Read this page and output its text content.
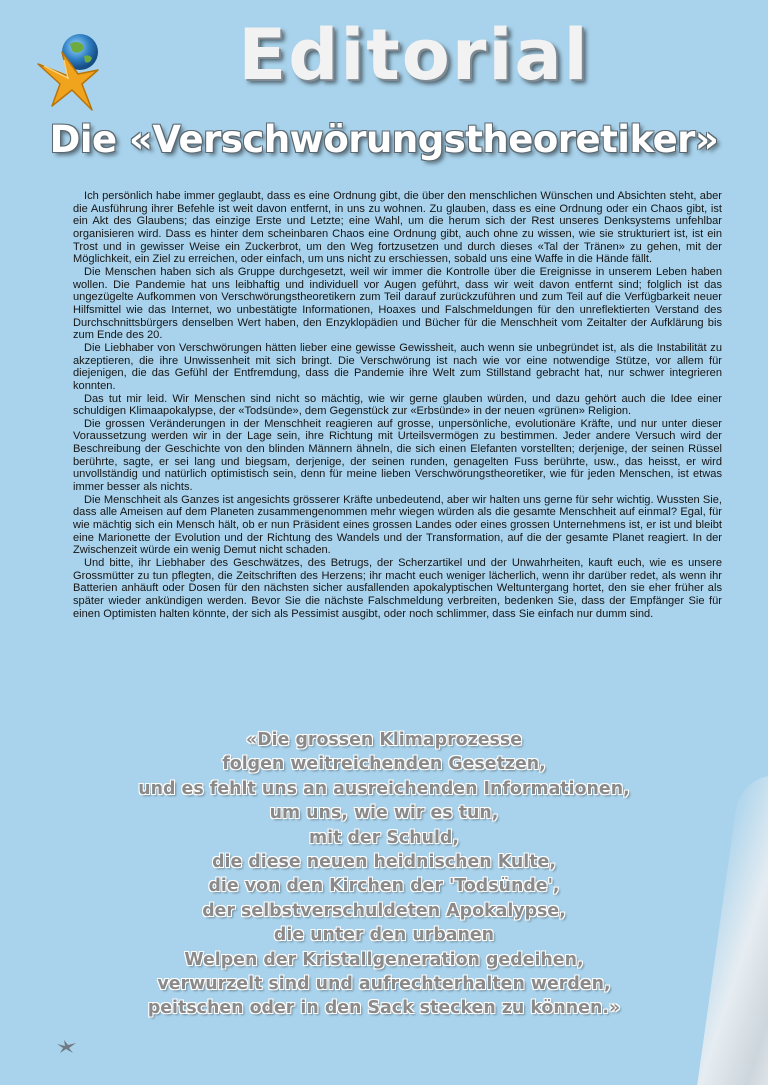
Editorial
Die «Verschwörungstheoretiker»

Ich persönlich habe immer geglaubt, dass es eine Ordnung gibt, die über den menschlichen Wünschen und Absichten steht, aber die Ausführung ihrer Befehle ist weit davon entfernt, in uns zu wohnen. Zu glauben, dass es eine Ordnung oder ein Chaos gibt, ist ein Akt des Glaubens; das einzige Erste und Letzte; eine Wahl, um die herum sich der Rest unseres Denksystems unfehlbar organisieren wird. Dass es hinter dem scheinbaren Chaos eine Ordnung gibt, auch ohne zu wissen, wie sie strukturiert ist, ist ein Trost und in gewisser Weise ein Zuckerbrot, um den Weg fortzusetzen und durch dieses «Tal der Tränen» zu gehen, mit der Möglichkeit, ein Ziel zu erreichen, oder einfach, um uns nicht zu erschiessen, sobald uns eine Waffe in die Hände fällt.

Die Menschen haben sich als Gruppe durchgesetzt, weil wir immer die Kontrolle über die Ereignisse in unserem Leben haben wollen. Die Pandemie hat uns leibhaftig und individuell vor Augen geführt, dass wir weit davon entfernt sind; folglich ist das ungezügelte Aufkommen von Verschwörungstheoretikern zum Teil darauf zurückzuführen und zum Teil auf die Verfügbarkeit neuer Hilfsmittel wie das Internet, wo unbestätigte Informationen, Hoaxes und Falschmeldungen für den unreflektierten Verstand des Durchschnittsbürgers denselben Wert haben, den Enzyklopädien und Bücher für die Menschheit vom Zeitalter der Aufklärung bis zum Ende des 20.

Die Liebhaber von Verschwörungen hätten lieber eine gewisse Gewissheit, auch wenn sie unbegründet ist, als die Instabilität zu akzeptieren, die ihre Unwissenheit mit sich bringt. Die Verschwörung ist nach wie vor eine notwendige Stütze, vor allem für diejenigen, die das Gefühl der Entfremdung, dass die Pandemie ihre Welt zum Stillstand gebracht hat, nur schwer integrieren konnten.

Das tut mir leid. Wir Menschen sind nicht so mächtig, wie wir gerne glauben würden, und dazu gehört auch die Idee einer schuldigen Klimaapokalypse, der «Todsünde», dem Gegenstück zur «Erbsünde» in der neuen «grünen» Religion.

Die grossen Veränderungen in der Menschheit reagieren auf grosse, unpersönliche, evolutionäre Kräfte, und nur unter dieser Voraussetzung werden wir in der Lage sein, ihre Richtung mit Urteilsvermögen zu bestimmen. Jeder andere Versuch wird der Beschreibung der Geschichte von den blinden Männern ähneln, die sich einen Elefanten vorstellten; derjenige, der seinen Rüssel berührte, sagte, er sei lang und biegsam, derjenige, der seinen runden, genagelten Fuss berührte, usw., das heisst, er wird unvollständig und natürlich optimistisch sein, denn für meine lieben Verschwörungstheoretiker, wie für jeden Menschen, ist etwas immer besser als nichts.

Die Menschheit als Ganzes ist angesichts grösserer Kräfte unbedeutend, aber wir halten uns gerne für sehr wichtig. Wussten Sie, dass alle Ameisen auf dem Planeten zusammengenommen mehr wiegen würden als die gesamte Menschheit auf einmal? Egal, für wie mächtig sich ein Mensch hält, ob er nun Präsident eines grossen Landes oder eines grossen Unternehmens ist, er ist und bleibt eine Marionette der Evolution und der Richtung des Wandels und der Transformation, auf die der gesamte Planet reagiert. In der Zwischenzeit würde ein wenig Demut nicht schaden.

Und bitte, ihr Liebhaber des Geschwätzes, des Betrugs, der Scherzartikel und der Unwahrheiten, kauft euch, wie es unsere Grossmütter zu tun pflegten, die Zeitschriften des Herzens; ihr macht euch weniger lächerlich, wenn ihr darüber redet, als wenn ihr Batterien anhäuft oder Dosen für den nächsten sicher ausfallenden apokalyptischen Weltuntergang hortet, den sie eher früher als später wieder ankündigen werden. Bevor Sie die nächste Falschmeldung verbreiten, bedenken Sie, dass der Empfänger Sie für einen Optimisten halten könnte, der sich als Pessimist ausgibt, oder noch schlimmer, dass Sie einfach nur dumm sind.

«Die grossen Klimaprozesse
folgen weitreichenden Gesetzen,
und es fehlt uns an ausreichenden Informationen,
um uns, wie wir es tun,
mit der Schuld,
die diese neuen heidnischen Kulte,
die von den Kirchen der 'Todsünde',
der selbstverschuldeten Apokalypse,
die unter den urbanen
Welpen der Kristallgeneration gedeihen,
verwurzelt sind und aufrechterhalten werden,
peitschen oder in den Sack stecken zu können.»
